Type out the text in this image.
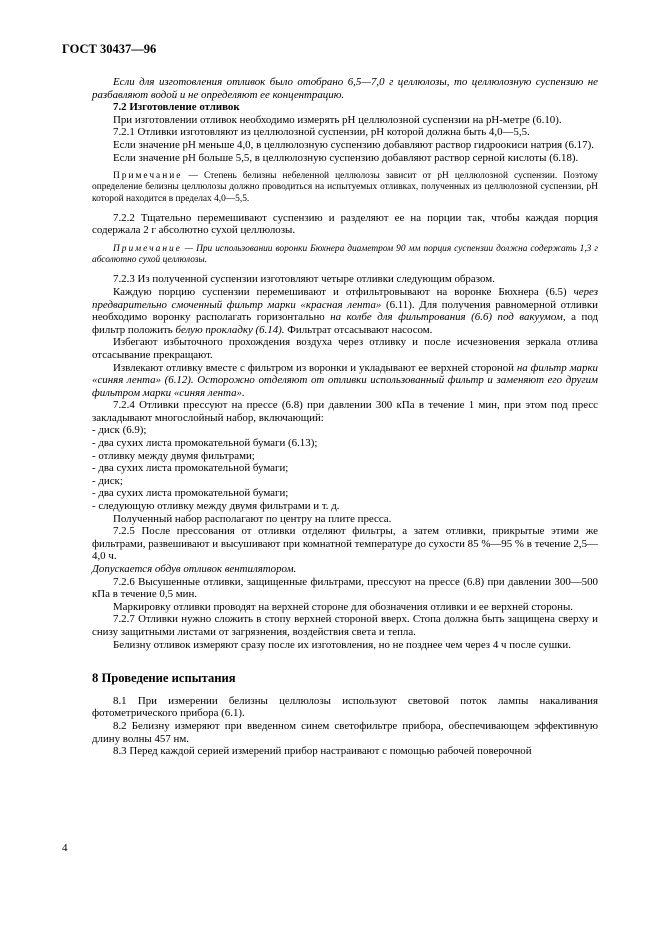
ГОСТ 30437—96

Если для изготовления отливок было отобрано 6,5—7,0 г целлюлозы, то целлюлозную суспензию не разбавляют водой и не определяют ее концентрацию.

7.2 Изготовление отливок

При изготовлении отливок необходимо измерять рН целлюлозной суспензии на рН-метре (6.10).

7.2.1 Отливки изготовляют из целлюлозной суспензии, рН которой должна быть 4,0—5,5.

Если значение рН меньше 4,0, в целлюлозную суспензию добавляют раствор гидроокиси натрия (6.17).

Если значение рН больше 5,5, в целлюлозную суспензию добавляют раствор серной кислоты (6.18).

Примечание — Степень белизны небеленной целлюлозы зависит от рН целлюлозной суспензии. Поэтому определение белизны целлюлозы должно проводиться на испытуемых отливках, полученных из целлюлозной суспензии, рН которой находится в пределах 4,0—5,5.

7.2.2 Тщательно перемешивают суспензию и разделяют ее на порции так, чтобы каждая порция содержала 2 г абсолютно сухой целлюлозы.

Примечание — При использовании воронки Бюхнера диаметром 90 мм порция суспензии должна содержать 1,3 г абсолютно сухой целлюлозы.

7.2.3 Из полученной суспензии изготовляют четыре отливки следующим образом.

Каждую порцию суспензии перемешивают и отфильтровывают на воронке Бюхнера (6.5) через предварительно смоченный фильтр марки «красная лента» (6.11). Для получения равномерной отливки необходимо воронку располагать горизонтально на колбе для фильтрования (6.6) под вакуумом, а под фильтр положить белую прокладку (6.14). Фильтрат отсасывают насосом.

Избегают избыточного прохождения воздуха через отливку и после исчезновения зеркала отлива отсасывание прекращают.

Извлекают отливку вместе с фильтром из воронки и укладывают ее верхней стороной на фильтр марки «синяя лента» (6.12). Осторожно отделяют от отливки использованный фильтр и заменяют его другим фильтром марки «синяя лента».

7.2.4 Отливки прессуют на прессе (6.8) при давлении 300 кПа в течение 1 мин, при этом под пресс закладывают многослойный набор, включающий:

- диск (6.9);

- два сухих листа промокательной бумаги (6.13);

- отливку между двумя фильтрами;

- два сухих листа промокательной бумаги;

- диск;

- два сухих листа промокательной бумаги;

- следующую отливку между двумя фильтрами и т. д.

Полученный набор располагают по центру на плите пресса.

7.2.5 После прессования от отливки отделяют фильтры, а затем отливки, прикрытые этими же фильтрами, развешивают и высушивают при комнатной температуре до сухости 85 %—95 % в течение 2,5—4,0 ч.

Допускается обдув отливок вентилятором.

7.2.6 Высушенные отливки, защищенные фильтрами, прессуют на прессе (6.8) при давлении 300—500 кПа в течение 0,5 мин.

Маркировку отливки проводят на верхней стороне для обозначения отливки и ее верхней стороны.

7.2.7 Отливки нужно сложить в стопу верхней стороной вверх. Стопа должна быть защищена сверху и снизу защитными листами от загрязнения, воздействия света и тепла.

Белизну отливок измеряют сразу после их изготовления, но не позднее чем через 4 ч после сушки.

8 Проведение испытания

8.1 При измерении белизны целлюлозы используют световой поток лампы накаливания фотометрического прибора (6.1).

8.2 Белизну измеряют при введенном синем светофильтре прибора, обеспечивающем эффективную длину волны 457 нм.

8.3 Перед каждой серией измерений прибор настраивают с помощью рабочей поверочной

4
